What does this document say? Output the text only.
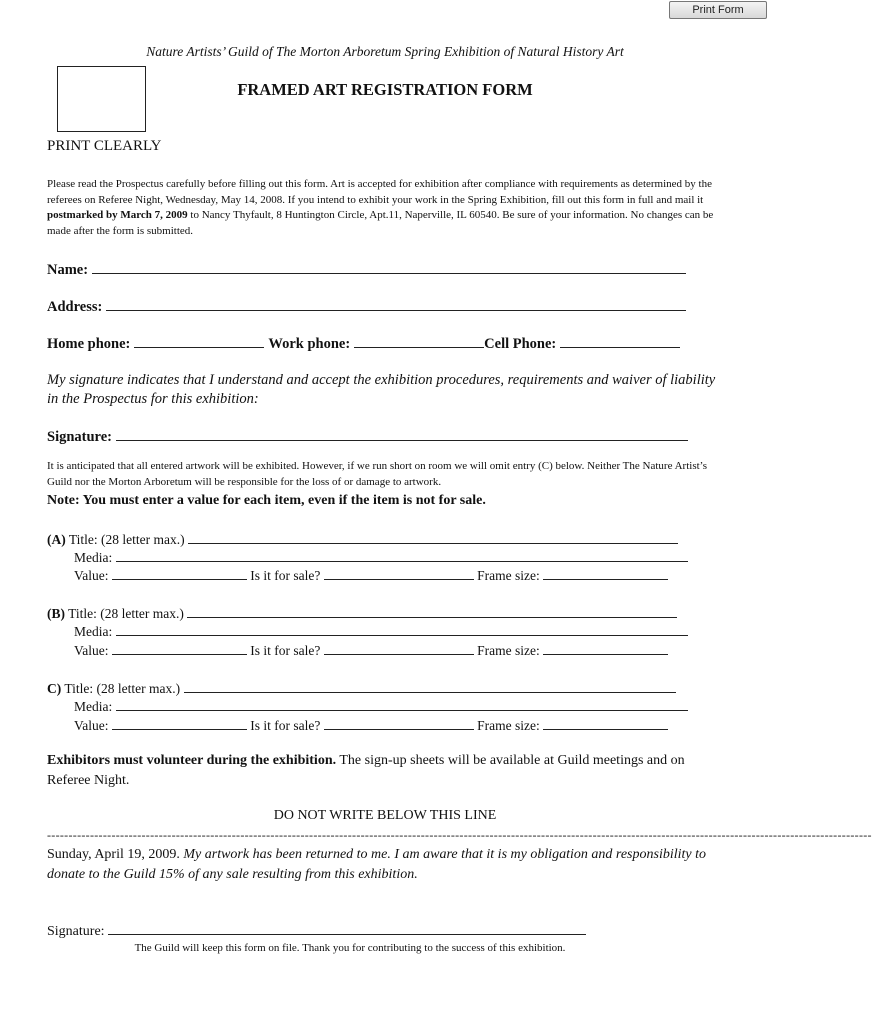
Print Form
Nature Artists’ Guild of The Morton Arboretum Spring Exhibition of Natural History Art
FRAMED ART REGISTRATION FORM
PRINT CLEARLY
Please read the Prospectus carefully before filling out this form. Art is accepted for exhibition after compliance with requirements as determined by the referees on Referee Night, Wednesday, May 14, 2008. If you intend to exhibit your work in the Spring Exhibition, fill out this form in full and mail it postmarked by March 7, 2009 to Nancy Thyfault, 8 Huntington Circle, Apt.11, Naperville, IL 60540. Be sure of your information. No changes can be made after the form is submitted.
Name:
Address:
Home phone:	Work phone:	Cell Phone:
My signature indicates that I understand and accept the exhibition procedures, requirements and waiver of liability in the Prospectus for this exhibition:
Signature:
It is anticipated that all entered artwork will be exhibited. However, if we run short on room we will omit entry (C) below. Neither The Nature Artist’s Guild nor the Morton Arboretum will be responsible for the loss of or damage to artwork.
Note: You must enter a value for each item, even if the item is not for sale.
(A) Title: (28 letter max.)
Media:
Value:	Is it for sale?	Frame size:
(B) Title: (28 letter max.)
Media:
Value:	Is it for sale?	Frame size:
C) Title: (28 letter max.)
Media:
Value:	Is it for sale?	Frame size:
Exhibitors must volunteer during the exhibition. The sign-up sheets will be available at Guild meetings and on Referee Night.
DO NOT WRITE BELOW THIS LINE
------------------------------------------------------------------------------------------------------------------------------------------------------------------------------------------------
Sunday, April 19, 2009. My artwork has been returned to me. I am aware that it is my obligation and responsibility to donate to the Guild 15% of any sale resulting from this exhibition.
Signature:
The Guild will keep this form on file. Thank you for contributing to the success of this exhibition.
